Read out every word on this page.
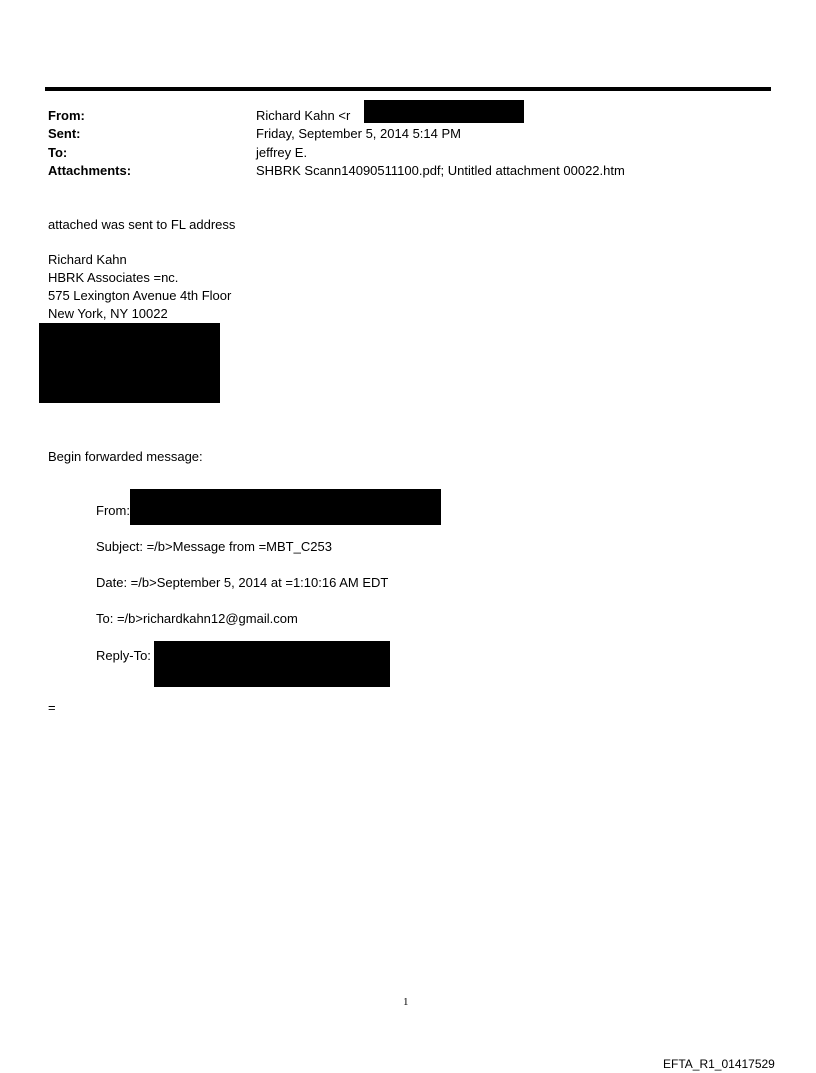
From:	Richard Kahn <r
Sent:	Friday, September 5, 2014 5:14 PM
To:	jeffrey E.
Attachments:	SHBRK Scann14090511100.pdf; Untitled attachment 00022.htm
attached was sent to FL address
Richard Kahn
HBRK Associates =nc.
575 Lexington Avenue 4th Floor
New York, NY 10022
Begin forwarded message:
From:
Subject: =/b>Message from =MBT_C253
Date: =/b>September 5, 2014 at =1:10:16 AM EDT
To: =/b>richardkahn12@gmail.com
Reply-To:
=
1
EFTA_R1_01417529
